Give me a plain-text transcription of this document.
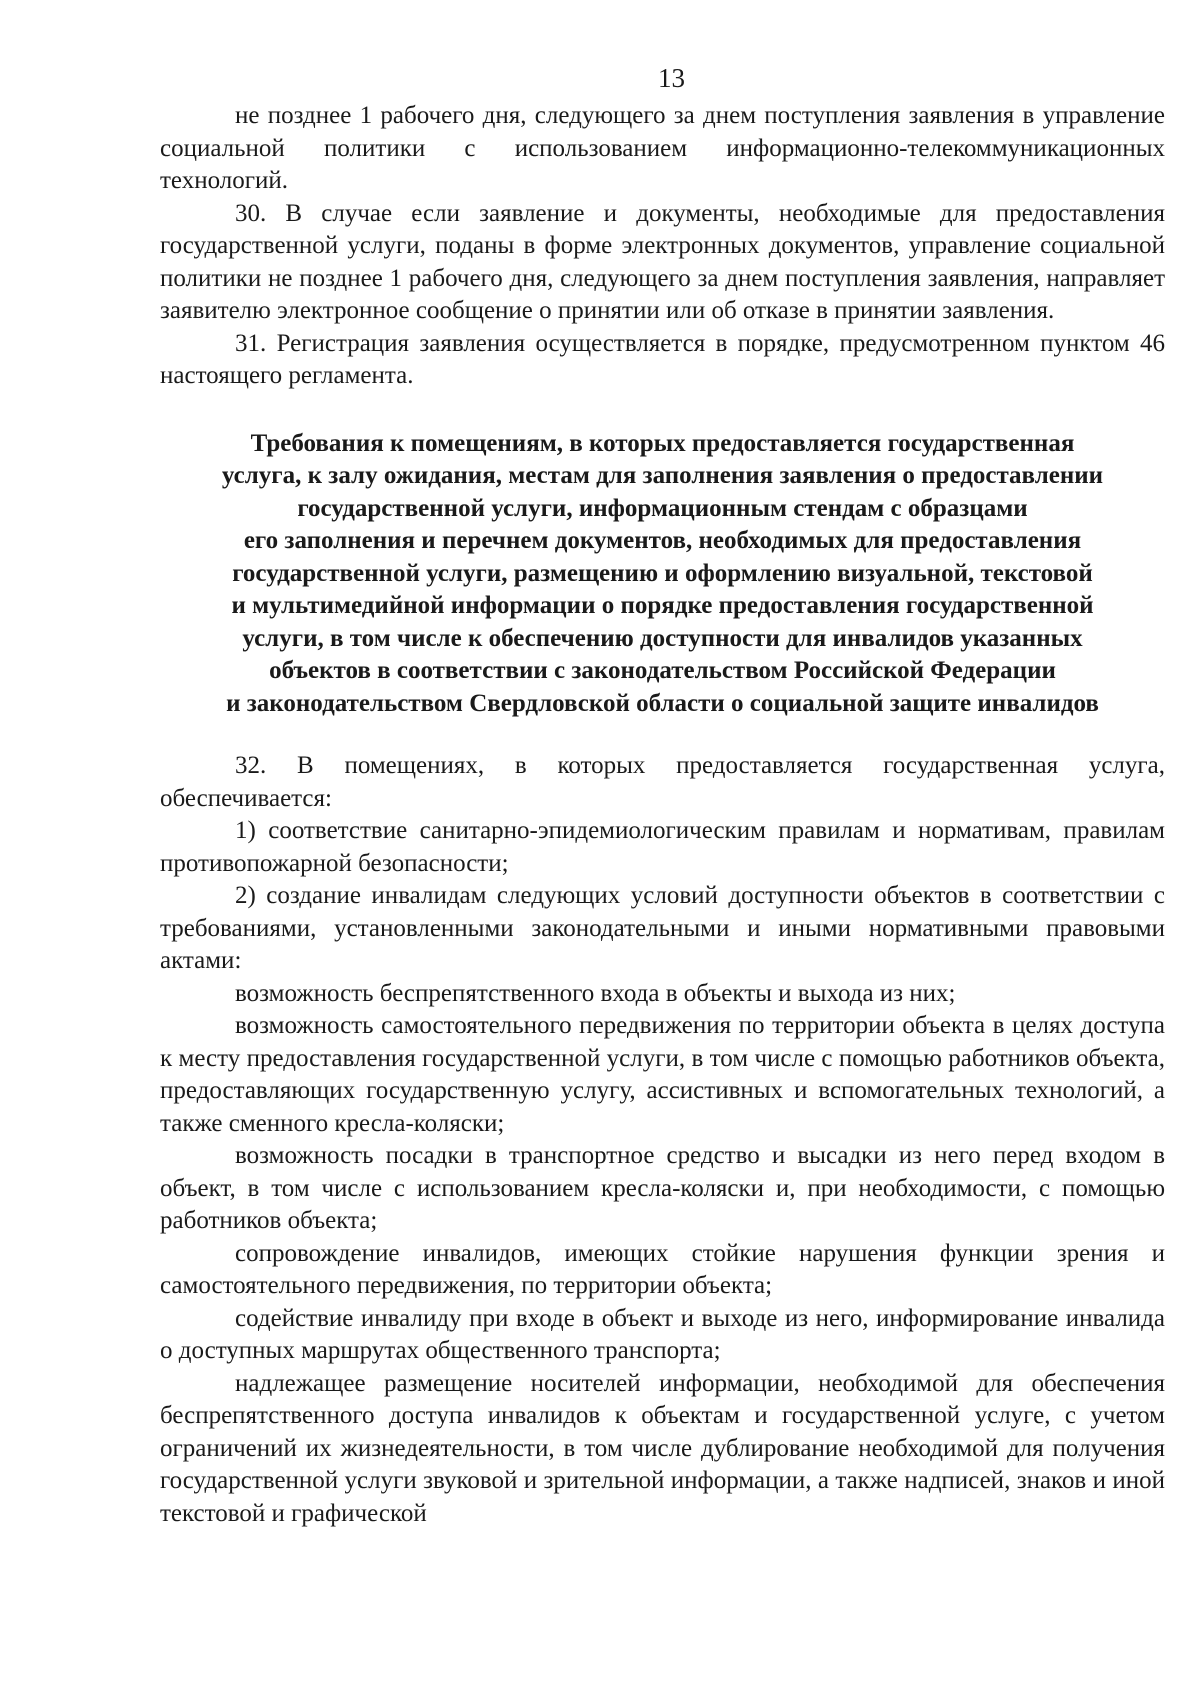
13

не позднее 1 рабочего дня, следующего за днем поступления заявления в управление социальной политики с использованием информационно-телекоммуникационных технологий.

30. В случае если заявление и документы, необходимые для предоставления государственной услуги, поданы в форме электронных документов, управление социальной политики не позднее 1 рабочего дня, следующего за днем поступления заявления, направляет заявителю электронное сообщение о принятии или об отказе в принятии заявления.

31. Регистрация заявления осуществляется в порядке, предусмотренном пунктом 46 настоящего регламента.

Требования к помещениям, в которых предоставляется государственная
услуга, к залу ожидания, местам для заполнения заявления о предоставлении
государственной услуги, информационным стендам с образцами
его заполнения и перечнем документов, необходимых для предоставления
государственной услуги, размещению и оформлению визуальной, текстовой
и мультимедийной информации о порядке предоставления государственной
услуги, в том числе к обеспечению доступности для инвалидов указанных
объектов в соответствии с законодательством Российской Федерации
и законодательством Свердловской области о социальной защите инвалидов

32. В помещениях, в которых предоставляется государственная услуга, обеспечивается:

1) соответствие санитарно-эпидемиологическим правилам и нормативам, правилам противопожарной безопасности;

2) создание инвалидам следующих условий доступности объектов в соответствии с требованиями, установленными законодательными и иными нормативными правовыми актами:

возможность беспрепятственного входа в объекты и выхода из них;

возможность самостоятельного передвижения по территории объекта в целях доступа к месту предоставления государственной услуги, в том числе с помощью работников объекта, предоставляющих государственную услугу, ассистивных и вспомогательных технологий, а также сменного кресла-коляски;

возможность посадки в транспортное средство и высадки из него перед входом в объект, в том числе с использованием кресла-коляски и, при необходимости, с помощью работников объекта;

сопровождение инвалидов, имеющих стойкие нарушения функции зрения и самостоятельного передвижения, по территории объекта;

содействие инвалиду при входе в объект и выходе из него, информирование инвалида о доступных маршрутах общественного транспорта;

надлежащее размещение носителей информации, необходимой для обеспечения беспрепятственного доступа инвалидов к объектам и государственной услуге, с учетом ограничений их жизнедеятельности, в том числе дублирование необходимой для получения государственной услуги звуковой и зрительной информации, а также надписей, знаков и иной текстовой и графической
